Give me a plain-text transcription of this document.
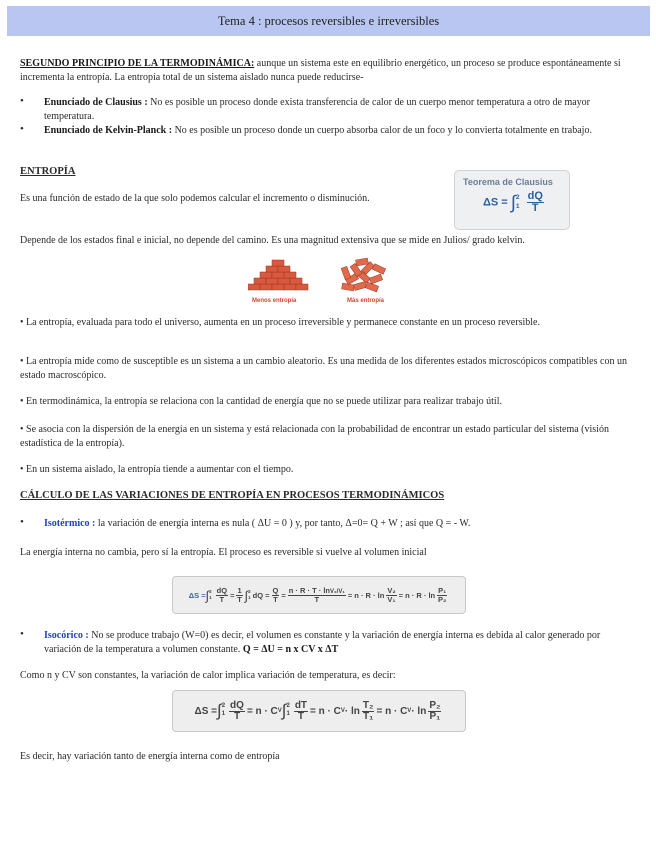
Tema 4 : procesos reversibles e irreversibles

SEGUNDO PRINCIPIO DE LA TERMODINÁMICA: aunque un sistema este en equilibrio energético, un proceso se produce espontáneamente si incrementa la entropía. La entropía total de un sistema aislado nunca puede reducirse-

• Enunciado de Clausius : No es posible un proceso donde exista transferencia de calor de un cuerpo menor temperatura a otro de mayor temperatura.

• Enunciado de Kelvin-Planck : No es posible un proceso donde un cuerpo absorba calor de un foco y lo convierta totalmente en trabajo.

ENTROPÍA

Es una función de estado de la que solo podemos calcular el incremento o disminución.

Teorema de Clausius
ΔS = ∫ 2
1
$\frac{dQ}{T}$

Depende de los estados final e inicial, no depende del camino. Es una magnitud extensiva que se mide en Julios/ grado kelvin.

Menos entropía	Más entropía

• La entropía, evaluada para todo el universo, aumenta en un proceso irreversible y permanece constante en un proceso reversible.

• La entropía mide como de susceptible es un sistema a un cambio aleatorio. Es una medida de los diferentes estados microscópicos compatibles con un estado macroscópico.

• En termodinámica, la entropía se relaciona con la cantidad de energía que no se puede utilizar para realizar trabajo útil.

• Se asocia con la dispersión de la energía en un sistema y está relacionada con la probabilidad de encontrar un estado particular del sistema (visión estadística de la entropía).

• En un sistema aislado, la entropía tiende a aumentar con el tiempo.

CÁLCULO DE LAS VARIACIONES DE ENTROPÍA EN PROCESOS TERMODINÁMICOS
• Isotérmico : la variación de energía interna es nula ( ΔU = 0 ) y, por tanto, Δ=0= Q + W ; así que Q = - W.

La energía interna no cambia, pero sí la entropía. El proceso es reversible si vuelve al volumen inicial

ΔS = ∫ 2
$1 \frac{dQ}{T} = \frac{1}{T}$ ∫ 2
1 dQ = $\frac{Q}{T} = \frac{\text{n · R · T · lnV₂/V₁}}{T} = n \cdot R \cdot \ln \frac{\text{V₂}}{\text{V₁}} = n \cdot R \cdot \ln \frac{\text{P₁}}{\text{P₂}}$
• Isocórico : No se produce trabajo (W=0) es decir, el volumen es constante y la variación de energía interna es debida al calor generado por variación de la temperatura a volumen constante. Q = ΔU = n x CV x ΔT

Como n y CV son constantes, la variación de calor implica variación de temperatura, es decir:

ΔS = ∫ 2
$1 \frac{dQ}{T} = n \cdot C$ V ∫ 2
$1 \frac{dT}{T} = n \cdot C$ $V \cdot \ln \frac{\text{T₂}}{\text{T₁}} = n \cdot C$ $V \cdot \ln \frac{\text{P₂}}{\text{P₁}}$

Es decir, hay variación tanto de energía interna como de entropía
